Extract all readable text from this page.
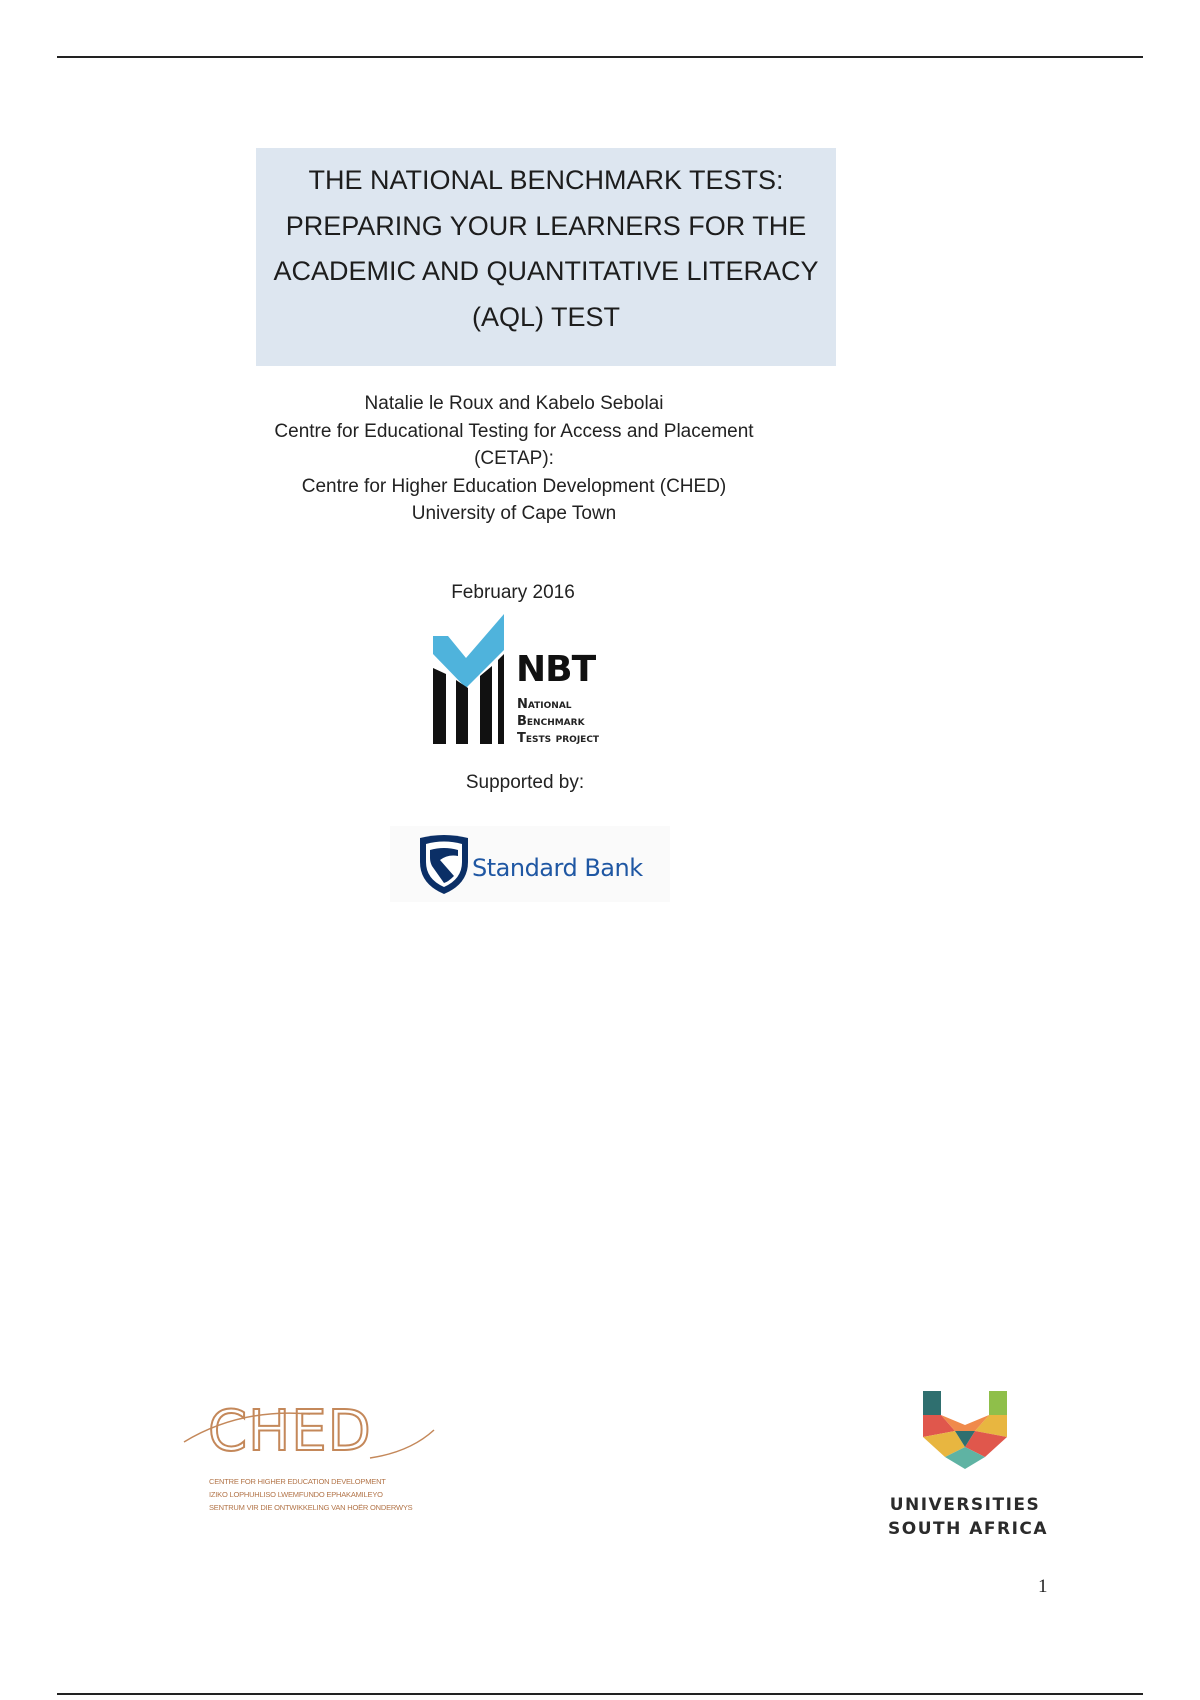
THE NATIONAL BENCHMARK TESTS:
PREPARING YOUR LEARNERS FOR THE
ACADEMIC AND QUANTITATIVE LITERACY
(AQL) TEST
Natalie le Roux and Kabelo Sebolai
Centre for Educational Testing for Access and Placement
(CETAP):
Centre for Higher Education Development (CHED)
University of Cape Town
February 2016
NBT
National
Benchmark
Tests project
Supported by:
Standard Bank
CHED
CENTRE FOR HIGHER EDUCATION DEVELOPMENT
IZIKO LOPHUHLISO LWEMFUNDO EPHAKAMILEYO
SENTRUM VIR DIE ONTWIKKELING VAN HOËR ONDERWYS	UNIVERSITIES
SOUTH AFRICA
1
